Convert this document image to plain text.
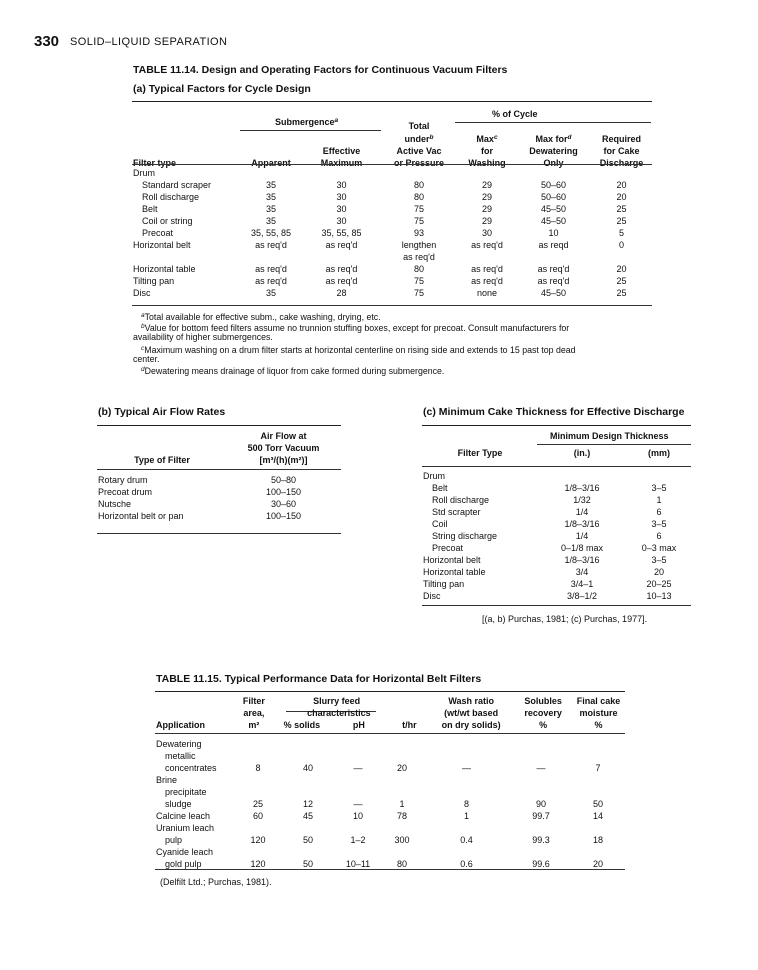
330 SOLID–LIQUID SEPARATION
TABLE 11.14. Design and Operating Factors for Continuous Vacuum Filters
(a) Typical Factors for Cycle Design
% of Cycle
Submergence$^a$
			Total			
			under$^b$	Max$^c$	Max for$^d$	Required
		Effective	Active Vac	for	Dewatering	for Cake
Filter type	Apparent	Maximum	or Pressure	Washing	Only	Discharge
Drum						
Standard scraper	35	30	80	29	50–60	20
Roll discharge	35	30	80	29	50–60	20
Belt	35	30	75	29	45–50	25
Coil or string	35	30	75	29	45–50	25
Precoat	35, 55, 85	35, 55, 85	93	30	10	5
Horizontal belt	as req'd	as req'd	lengthen	as req'd	as reqd	0
			as req'd			
Horizontal table	as req'd	as req'd	80	as req'd	as req'd	20
Tilting pan	as req'd	as req'd	75	as req'd	as req'd	25
Disc	35	28	75	none	45–50	25
$^a$Total available for effective subm., cake washing, drying, etc.
$^b$Value for bottom feed filters assume no trunnion stuffing boxes, except for precoat. Consult manufacturers for
availability of higher submergences.
$^c$Maximum washing on a drum filter starts at horizontal centerline on rising side and extends to 15 past top dead
center.
$^d$Dewatering means drainage of liquor from cake formed during submergence.
(b) Typical Air Flow Rates
	Air Flow at
	500 Torr Vacuum
Type of Filter	[m³/(h)(m²)]
Rotary drum	50–80
Precoat drum	100–150
Nutsche	30–60
Horizontal belt or pan	100–150
(c) Minimum Cake Thickness for Effective Discharge
Minimum Design Thickness
Filter Type	(in.)	(mm)
Drum		
Belt	1/8–3/16	3–5
Roll discharge	1/32	1
Std scrapter	1/4	6
Coil	1/8–3/16	3–5
String discharge	1/4	6
Precoat	0–1/8 max	0–3 max
Horizontal belt	1/8–3/16	3–5
Horizontal table	3/4	20
Tilting pan	3/4–1	20–25
Disc	3/8–1/2	10–13
[(a, b) Purchas, 1981; (c) Purchas, 1977].
TABLE 11.15. Typical Performance Data for Horizontal Belt Filters
	Filter		Slurry feed		Wash ratio	Solubles	Final cake
	area,		characteristics		(wt/wt based	recovery	moisture
Application	m²	% solids	pH	t/hr	on dry solids)	%	%
Dewatering							
metallic							
concentrates	8	40	—	20	—	—	7
Brine							
precipitate							
sludge	25	12	—	1	8	90	50
Calcine leach	60	45	10	78	1	99.7	14
Uranium leach							
pulp	120	50	1–2	300	0.4	99.3	18
Cyanide leach							
gold pulp	120	50	10–11	80	0.6	99.6	20
(Delfilt Ltd.; Purchas, 1981).
